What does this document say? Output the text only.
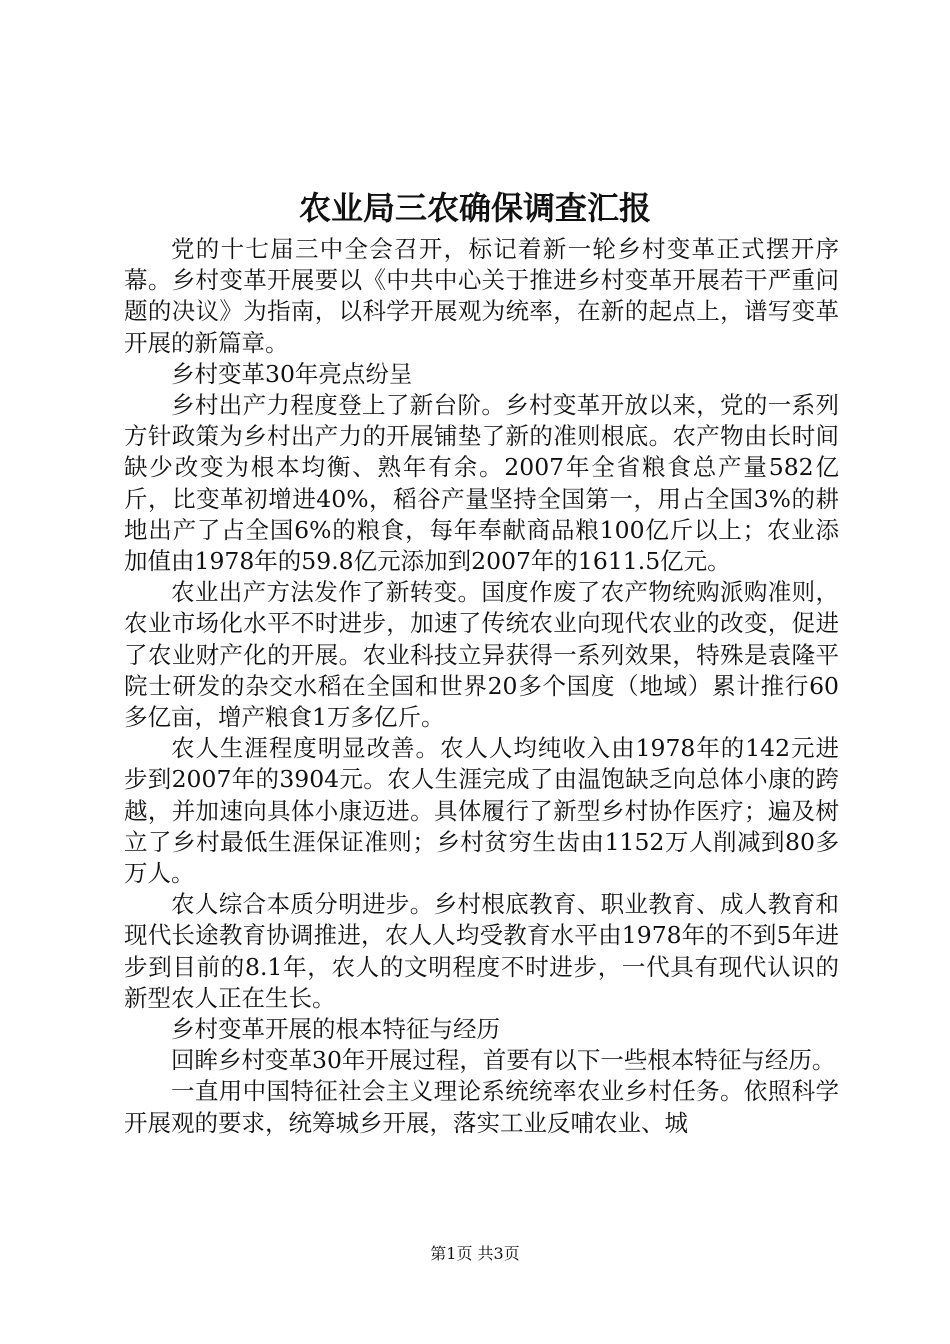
农业局三农确保调查汇报

党的十七届三中全会召开，标记着新一轮乡村变革正式摆开序幕。乡村变革开展要以《中共中心关于推进乡村变革开展若干严重问题的决议》为指南，以科学开展观为统率，在新的起点上，谱写变革开展的新篇章。

乡村变革30年亮点纷呈

乡村出产力程度登上了新台阶。乡村变革开放以来，党的一系列方针政策为乡村出产力的开展铺垫了新的准则根底。农产物由长时间缺少改变为根本均衡、熟年有余。2007年全省粮食总产量582亿斤，比变革初增进40%，稻谷产量坚持全国第一，用占全国3%的耕地出产了占全国6%的粮食，每年奉献商品粮100亿斤以上；农业添加值由1978年的59.8亿元添加到2007年的1611.5亿元。

农业出产方法发作了新转变。国度作废了农产物统购派购准则，农业市场化水平不时进步，加速了传统农业向现代农业的改变，促进了农业财产化的开展。农业科技立异获得一系列效果，特殊是袁隆平院士研发的杂交水稻在全国和世界20多个国度（地域）累计推行60多亿亩，增产粮食1万多亿斤。

农人生涯程度明显改善。农人人均纯收入由1978年的142元进步到2007年的3904元。农人生涯完成了由温饱缺乏向总体小康的跨越，并加速向具体小康迈进。具体履行了新型乡村协作医疗；遍及树立了乡村最低生涯保证准则；乡村贫穷生齿由1152万人削减到80多万人。

农人综合本质分明进步。乡村根底教育、职业教育、成人教育和现代长途教育协调推进，农人人均受教育水平由1978年的不到5年进步到目前的8.1年，农人的文明程度不时进步，一代具有现代认识的新型农人正在生长。

乡村变革开展的根本特征与经历

回眸乡村变革30年开展过程，首要有以下一些根本特征与经历。

一直用中国特征社会主义理论系统统率农业乡村任务。依照科学开展观的要求，统筹城乡开展，落实工业反哺农业、城

第1页 共3页
